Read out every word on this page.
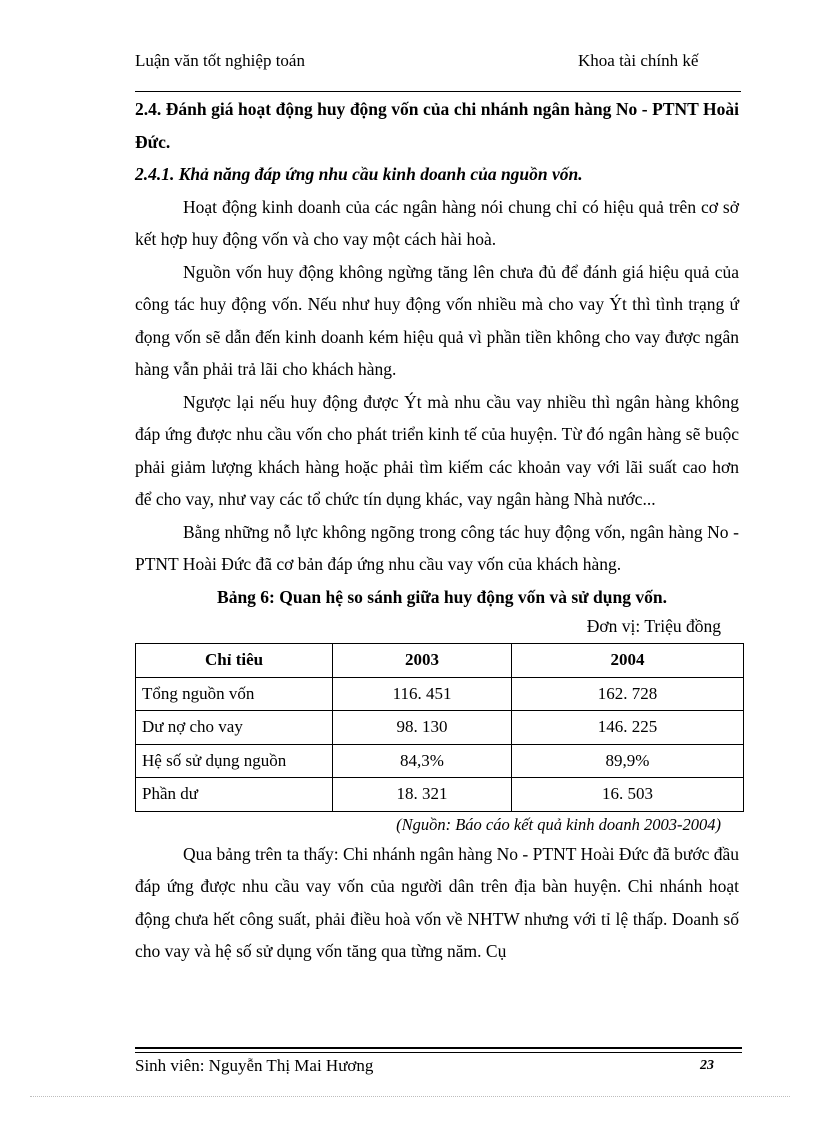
Luận văn tốt nghiệp toán	Khoa tài chính kế

2.4. Đánh giá hoạt động huy động vốn của chi nhánh ngân hàng No - PTNT Hoài Đức.

2.4.1. Khả năng đáp ứng nhu cầu kinh doanh của nguồn vốn.

Hoạt động kinh doanh của các ngân hàng nói chung chỉ có hiệu quả trên cơ sở kết hợp huy động vốn và cho vay một cách hài hoà.

Nguồn vốn huy động không ngừng tăng lên chưa đủ để đánh giá hiệu quả của công tác huy động vốn. Nếu như huy động vốn nhiều mà cho vay Ýt thì tình trạng ứ đọng vốn sẽ dẫn đến kinh doanh kém hiệu quả vì phần tiền không cho vay được ngân hàng vẫn phải trả lãi cho khách hàng.

Ngược lại nếu huy động được Ýt mà nhu cầu vay nhiều thì ngân hàng không đáp ứng được nhu cầu vốn cho phát triển kinh tế của huyện. Từ đó ngân hàng sẽ buộc phải giảm lượng khách hàng hoặc phải tìm kiếm các khoản vay với lãi suất cao hơn để cho vay, như vay các tổ chức tín dụng khác, vay ngân hàng Nhà nước...

Bằng những nỗ lực không ngõng trong công tác huy động vốn, ngân hàng No - PTNT Hoài Đức đã cơ bản đáp ứng nhu cầu vay vốn của khách hàng.

Bảng 6: Quan hệ so sánh giữa huy động vốn và sử dụng vốn.

Đơn vị: Triệu đồng

Chỉ tiêu	2003	2004
Tổng nguồn vốn	116. 451	162. 728
Dư nợ cho vay	98. 130	146. 225
Hệ số sử dụng nguồn	84,3%	89,9%
Phần dư	18. 321	16. 503

(Nguồn: Báo cáo kết quả kinh doanh 2003-2004)

Qua bảng trên ta thấy: Chi nhánh ngân hàng No - PTNT Hoài Đức đã bước đầu đáp ứng được nhu cầu vay vốn của người dân trên địa bàn huyện. Chi nhánh hoạt động chưa hết công suất, phải điều hoà vốn về NHTW nhưng với tỉ lệ thấp. Doanh số cho vay và hệ số sử dụng vốn tăng qua từng năm. Cụ

Sinh viên: Nguyễn Thị Mai Hương	23
